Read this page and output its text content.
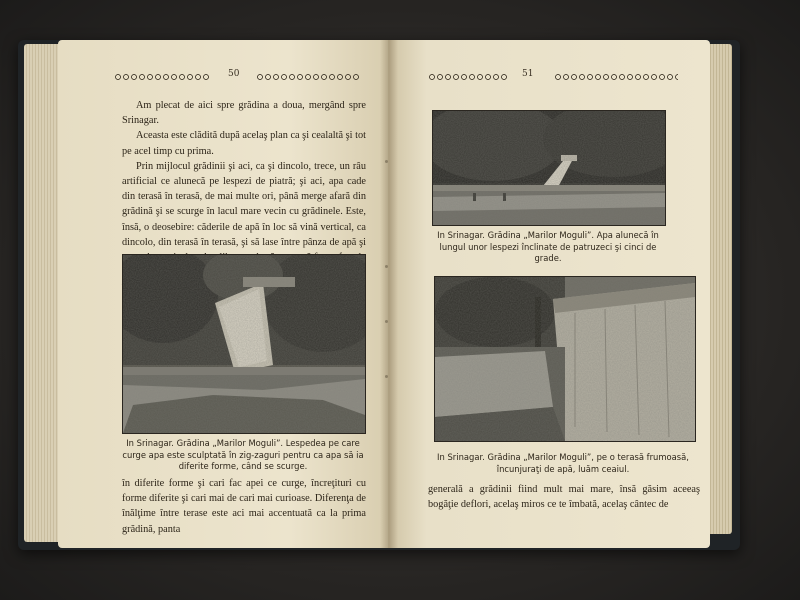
50

Am plecat de aici spre grădina a doua, mergând spre Srinagar.

Aceasta este clădită după acelaş plan ca şi cealaltă şi tot pe acel timp cu prima.

Prin mijlocul grădinii şi aci, ca şi dincolo, trece, un râu artificial ce alunecă pe lespezi de piatră; şi aci, apa cade din terasă în terasă, de mai multe ori, până merge afară din grădină şi se scurge în lacul mare vecin cu grădinele. Este, însă, o deosebire: căderile de apă în loc să vină vertical, ca dincolo, din terasă în terasă, şi să lase între pânza de apă şi

In Srinagar. Grădina „Marilor Moguli”. Lespedea pe care curge apa este sculptată în zig-zaguri pentru ca apa să ia diferite forme, când se scurge.

în diferite forme şi cari fac apei ce curge, încreţituri cu forme diferite şi cari mai de cari mai curioase. Diferenţa de înălţime între terase este aci mai accentuată ca la prima grădină, panta

51
In Srinagar. Grădina „Marilor Moguli”. Apa alunecă în lungul unor lespezi înclinate de patruzeci şi cinci de grade.
In Srinagar. Grădina „Marilor Moguli”, pe o terasă frumoasă, încunjuraţi de apă, luăm ceaiul.

generală a grădinii fiind mult mai mare, însă găsim aceeaş bogăţie deflori, acelaş miros ce te îmbată, acelaş cântec de
